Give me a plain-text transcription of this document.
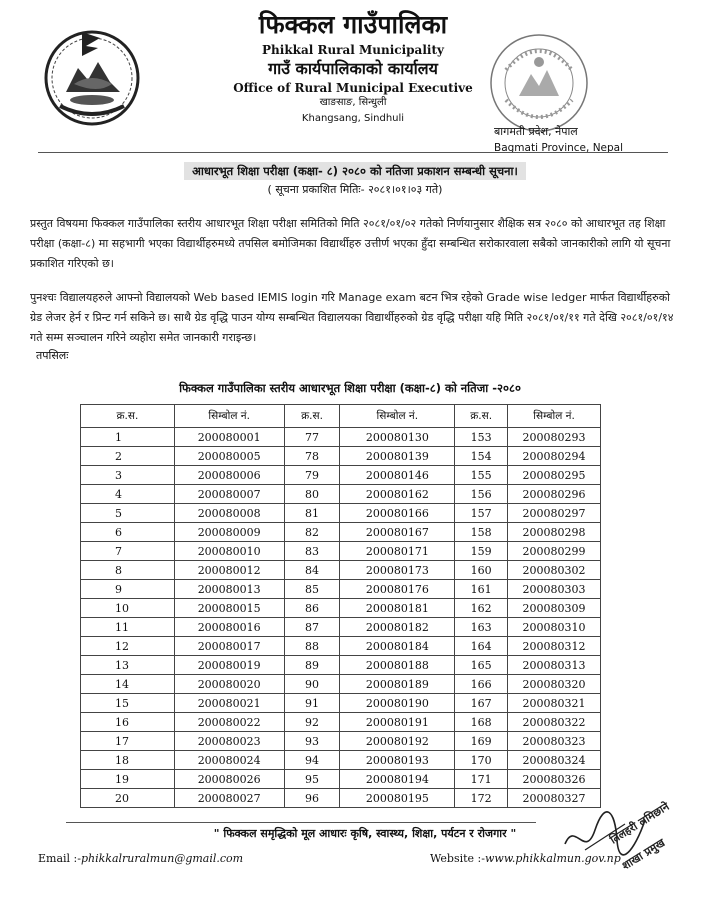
फिक्कल गाउँपालिका
Phikkal Rural Municipality
गाउँ कार्यपालिकाको कार्यालय
Office of Rural Municipal Executive
खाङसाङ, सिन्धुली
Khangsang, Sindhuli
बागमती प्रदेश, नेपाल
Bagmati Province, Nepal
आधारभूत शिक्षा परीक्षा (कक्षा- ८) २०८० को नतिजा प्रकाशन सम्बन्धी सूचना।
( सूचना प्रकाशित मितिः- २०८१।०१।०३ गते)
प्रस्तुत विषयमा फिक्कल गाउँपालिका स्तरीय आधारभूत शिक्षा परीक्षा समितिको मिति २०८१/०१/०२ गतेको निर्णयानुसार शैक्षिक सत्र २०८० को आधारभूत तह शिक्षा परीक्षा (कक्षा-८) मा सहभागी भएका विद्यार्थीहरुमध्ये तपसिल बमोजिमका विद्यार्थीहरु उत्तीर्ण भएका हुँदा सम्बन्धित सरोकारवाला सबैको जानकारीको लागि यो सूचना प्रकाशित गरिएको छ।
पुनश्चः विद्यालयहरुले आफ्नो विद्यालयको Web based IEMIS login गरि Manage exam बटन भित्र रहेको Grade wise ledger मार्फत विद्यार्थीहरुको ग्रेड लेजर हेर्न र प्रिन्ट गर्न सकिने छ। साथै ग्रेड वृद्धि पाउन योग्य सम्बन्धित विद्यालयका विद्यार्थीहरुको ग्रेड वृद्धि परीक्षा यहि मिति २०८१/०१/११ गते देखि २०८१/०१/१४ गते सम्म सञ्चालन गरिने व्यहोरा समेत जानकारी गराइन्छ।
तपसिलः
फिक्कल गाउँपालिका स्तरीय आधारभूत शिक्षा परीक्षा (कक्षा-८) को नतिजा -२०८०
क्र.स.	सिम्बोल नं.	क्र.स.	सिम्बोल नं.	क्र.स.	सिम्बोल नं.
1	200080001	77	200080130	153	200080293
2	200080005	78	200080139	154	200080294
3	200080006	79	200080146	155	200080295
4	200080007	80	200080162	156	200080296
5	200080008	81	200080166	157	200080297
6	200080009	82	200080167	158	200080298
7	200080010	83	200080171	159	200080299
8	200080012	84	200080173	160	200080302
9	200080013	85	200080176	161	200080303
10	200080015	86	200080181	162	200080309
11	200080016	87	200080182	163	200080310
12	200080017	88	200080184	164	200080312
13	200080019	89	200080188	165	200080313
14	200080020	90	200080189	166	200080320
15	200080021	91	200080190	167	200080321
16	200080022	92	200080191	168	200080322
17	200080023	93	200080192	169	200080323
18	200080024	94	200080193	170	200080324
19	200080026	95	200080194	171	200080326
20	200080027	96	200080195	172	200080327
" फिक्कल समृद्धिको मूल आधारः कृषि, स्वास्थ्य, शिक्षा, पर्यटन र रोजगार "
Email :-phikkalruralmun@gmail.com	Website :-www.phikkalmun.gov.np
तिलहरी लमिछाने
शाखा प्रमुख
